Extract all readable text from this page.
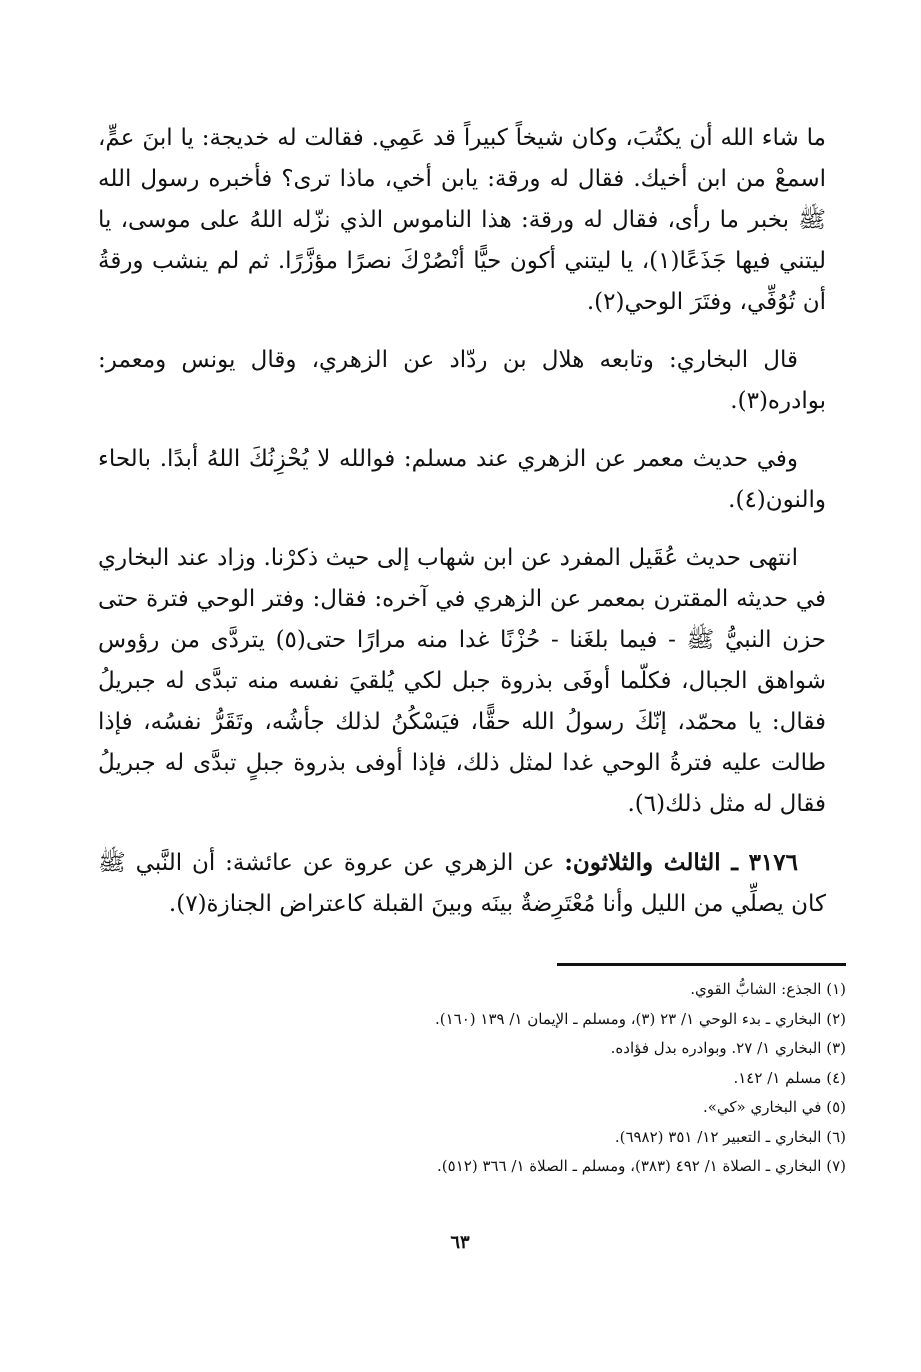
ما شاء الله أن يكتُبَ، وكان شيخاً كبيراً قد عَمِي. فقالت له خديجة: يا ابنَ عمٍّ، اسمعْ من ابن أخيك. فقال له ورقة: يابن أخي، ماذا ترى؟ فأخبره رسول الله ﷺ بخبر ما رأى، فقال له ورقة: هذا الناموس الذي نزّله اللهُ على موسى، يا ليتني فيها جَذَعًا(١)، يا ليتني أكون حيًّا أنْصُرْكَ نصرًا مؤزَّرًا. ثم لم ينشب ورقةُ أن تُوُفِّي، وفتَرَ الوحي(٢).

قال البخاري: وتابعه هلال بن ردّاد عن الزهري، وقال يونس ومعمر: بوادره(٣).

وفي حديث معمر عن الزهري عند مسلم: فوالله لا يُحْزِنُكَ اللهُ أبدًا. بالحاء والنون(٤).

انتهى حديث عُقَيل المفرد عن ابن شهاب إلى حيث ذكرْنا. وزاد عند البخاري في حديثه المقترن بمعمر عن الزهري في آخره: فقال: وفتر الوحي فترة حتى حزن النبيُّ ﷺ - فيما بلغَنا - حُزْنًا غدا منه مرارًا حتى(٥) يتردَّى من رؤوس شواهق الجبال، فكلّما أوفَى بذروة جبل لكي يُلقيَ نفسه منه تبدَّى له جبريلُ فقال: يا محمّد، إنّكَ رسولُ الله حقًّا، فيَسْكُنُ لذلك جأشُه، وتَقَرُّ نفسُه، فإذا طالت عليه فترةُ الوحي غدا لمثل ذلك، فإذا أوفى بذروة جبلٍ تبدَّى له جبريلُ فقال له مثل ذلك(٦).

٣١٧٦ ـ الثالث والثلاثون: عن الزهري عن عروة عن عائشة: أن النَّبي ﷺ كان يصلِّي من الليل وأنا مُعْتَرِضةٌ بينَه وبينَ القبلة كاعتراض الجنازة(٧).

(١) الجذع: الشابُّ القوي.

(٢) البخاري ـ بدء الوحي ١/ ٢٣ (٣)، ومسلم ـ الإيمان ١/ ١٣٩ (١٦٠).

(٣) البخاري ١/ ٢٧. وبوادره بدل فؤاده.

(٤) مسلم ١/ ١٤٢.

(٥) في البخاري «كي».

(٦) البخاري ـ التعبير ١٢/ ٣٥١ (٦٩٨٢).

(٧) البخاري ـ الصلاة ١/ ٤٩٢ (٣٨٣)، ومسلم ـ الصلاة ١/ ٣٦٦ (٥١٢).

٦٣
